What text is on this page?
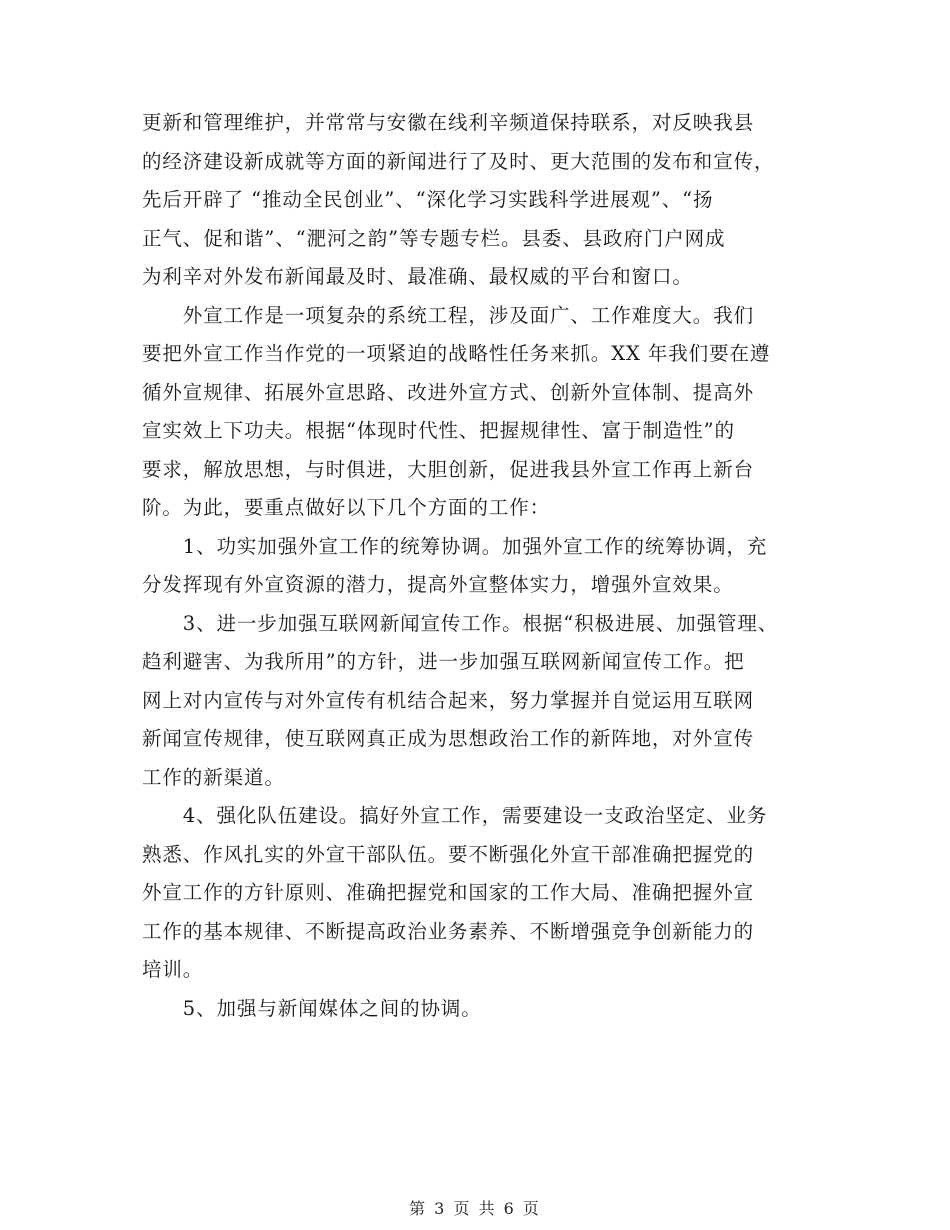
更新和管理维护，并常常与安徽在线利辛频道保持联系，对反映我县
的经济建设新成就等方面的新闻进行了及时、更大范围的发布和宣传，
先后开辟了 “推动全民创业”、“深化学习实践科学进展观”、“扬
正气、促和谐”、“淝河之韵”等专题专栏。县委、县政府门户网成
为利辛对外发布新闻最及时、最准确、最权威的平台和窗口。
　　外宣工作是一项复杂的系统工程，涉及面广、工作难度大。我们
要把外宣工作当作党的一项紧迫的战略性任务来抓。XX 年我们要在遵
循外宣规律、拓展外宣思路、改进外宣方式、创新外宣体制、提高外
宣实效上下功夫。根据“体现时代性、把握规律性、富于制造性”的
要求，解放思想，与时俱进，大胆创新，促进我县外宣工作再上新台
阶。为此，要重点做好以下几个方面的工作：
　　1、功实加强外宣工作的统筹协调。加强外宣工作的统筹协调，充
分发挥现有外宣资源的潜力，提高外宣整体实力，增强外宣效果。
　　3、进一步加强互联网新闻宣传工作。根据“积极进展、加强管理、
趋利避害、为我所用”的方针，进一步加强互联网新闻宣传工作。把
网上对内宣传与对外宣传有机结合起来，努力掌握并自觉运用互联网
新闻宣传规律，使互联网真正成为思想政治工作的新阵地，对外宣传
工作的新渠道。
　　4、强化队伍建设。搞好外宣工作，需要建设一支政治坚定、业务
熟悉、作风扎实的外宣干部队伍。要不断强化外宣干部准确把握党的
外宣工作的方针原则、准确把握党和国家的工作大局、准确把握外宣
工作的基本规律、不断提高政治业务素养、不断增强竞争创新能力的
培训。
　　5、加强与新闻媒体之间的协调。
第 3 页 共 6 页
